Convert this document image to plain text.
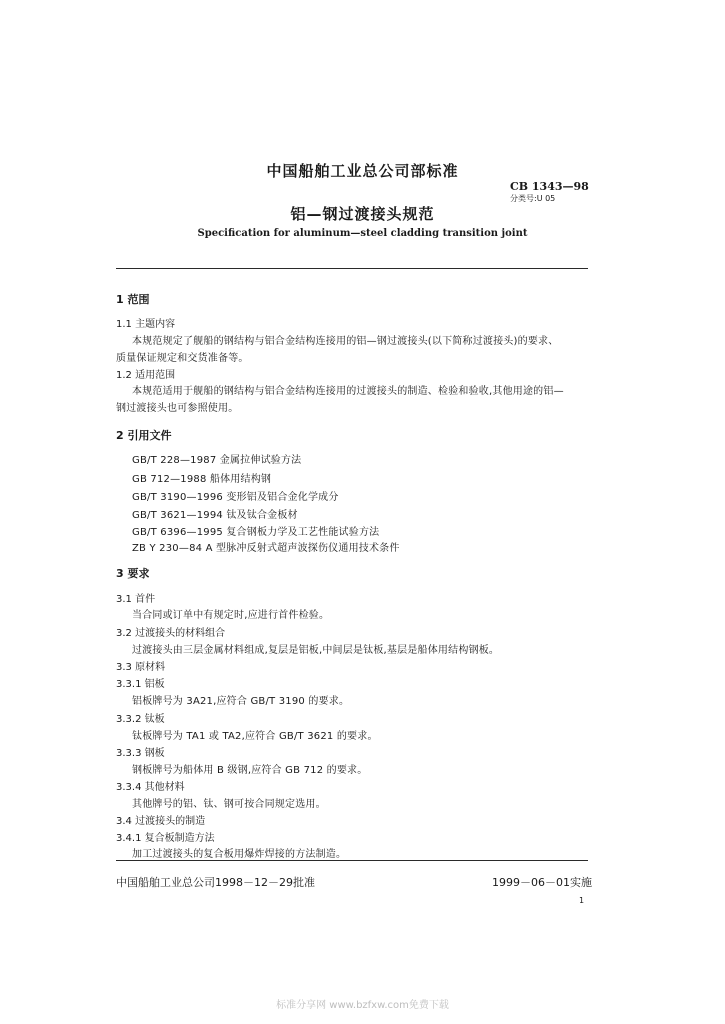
中国船舶工业总公司部标准
CB 1343—98
分类号:U 05
铝—钢过渡接头规范
Specification for aluminum—steel cladding transition joint
1 范围
1.1 主题内容
本规范规定了舰船的钢结构与铝合金结构连接用的铝—钢过渡接头(以下简称过渡接头)的要求、
质量保证规定和交货准备等。
1.2 适用范围
本规范适用于舰船的钢结构与铝合金结构连接用的过渡接头的制造、检验和验收,其他用途的铝—
钢过渡接头也可参照使用。
2 引用文件
GB/T 228—1987 金属拉伸试验方法
GB 712—1988 船体用结构钢
GB/T 3190—1996 变形铝及铝合金化学成分
GB/T 3621—1994 钛及钛合金板材
GB/T 6396—1995 复合钢板力学及工艺性能试验方法
ZB Y 230—84 A 型脉冲反射式超声波探伤仪通用技术条件
3 要求
3.1 首件
当合同或订单中有规定时,应进行首件检验。
3.2 过渡接头的材料组合
过渡接头由三层金属材料组成,复层是铝板,中间层是钛板,基层是船体用结构钢板。
3.3 原材料
3.3.1 铝板
铝板牌号为 3A21,应符合 GB/T 3190 的要求。
3.3.2 钛板
钛板牌号为 TA1 或 TA2,应符合 GB/T 3621 的要求。
3.3.3 钢板
钢板牌号为船体用 B 级钢,应符合 GB 712 的要求。
3.3.4 其他材料
其他牌号的铝、钛、钢可按合同规定选用。
3.4 过渡接头的制造
3.4.1 复合板制造方法
加工过渡接头的复合板用爆炸焊接的方法制造。
中国船舶工业总公司1998－12－29批准	1999－06－01实施
1
标准分享网 www.bzfxw.com免费下载
